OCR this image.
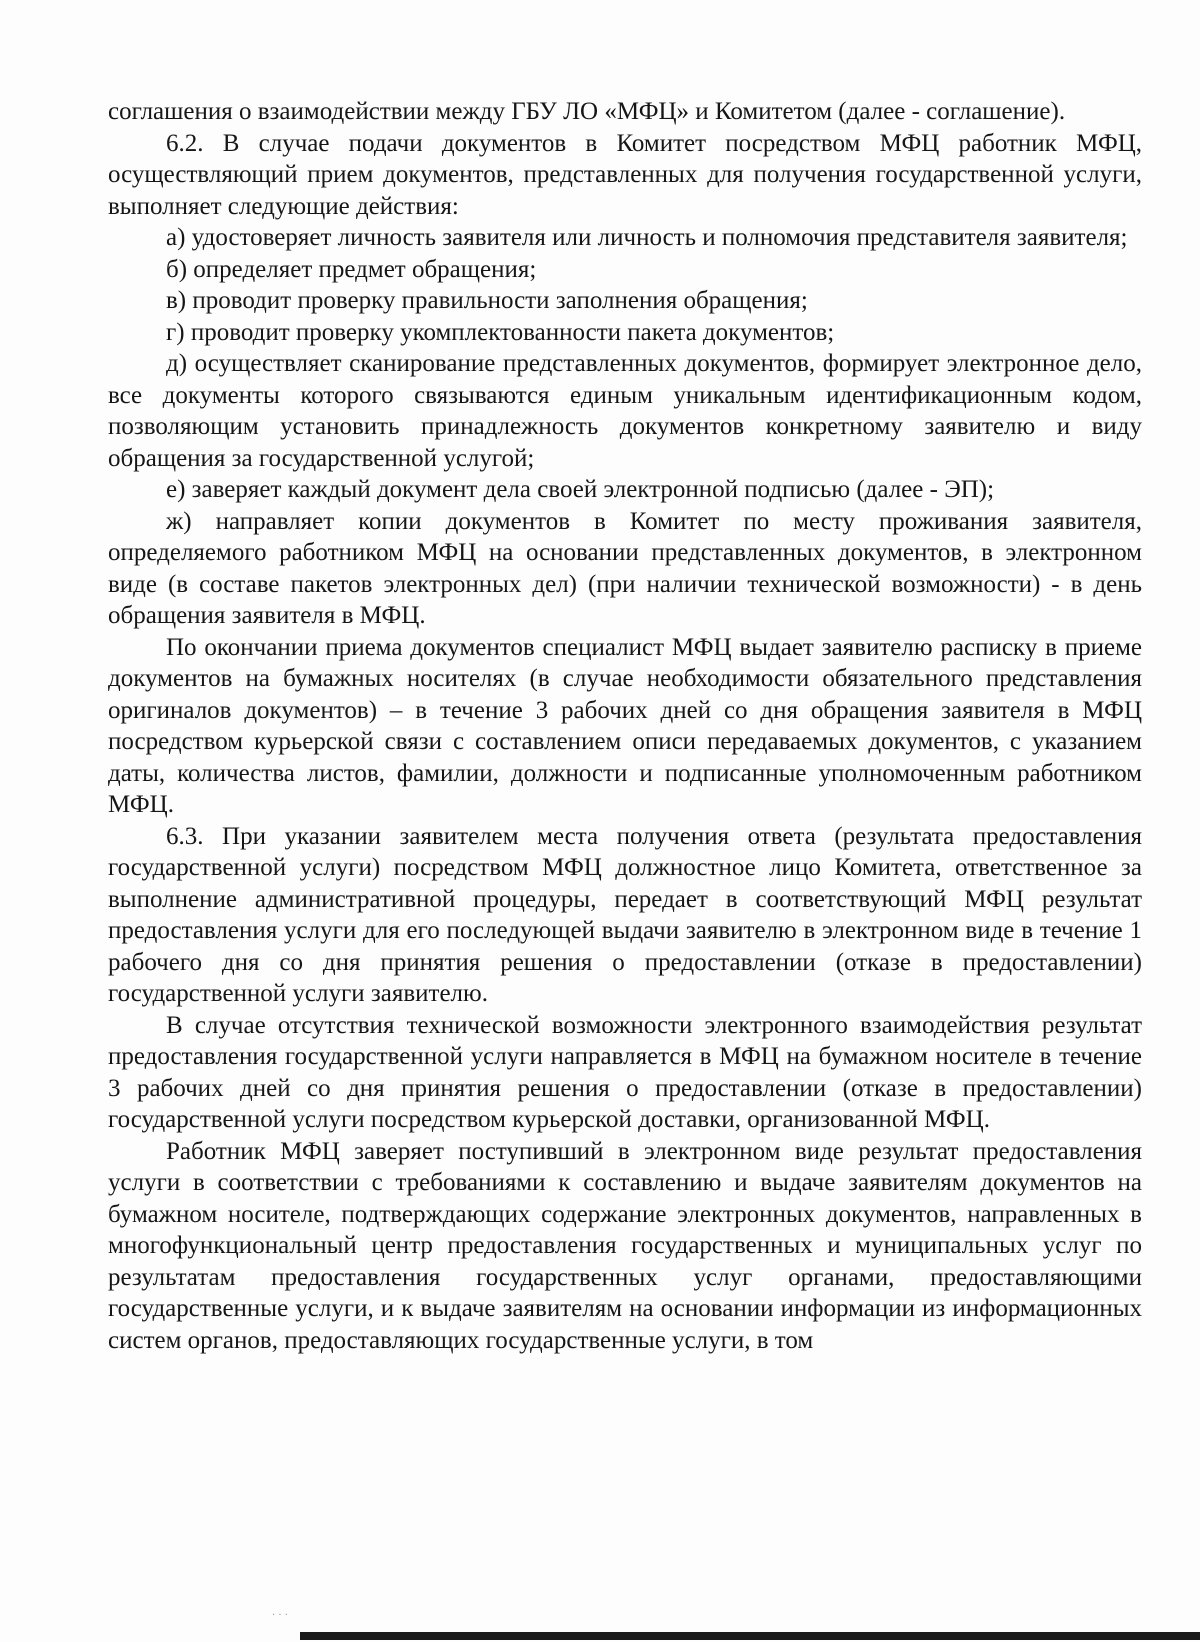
соглашения о взаимодействии между ГБУ ЛО «МФЦ» и Комитетом (далее - соглашение).

6.2. В случае подачи документов в Комитет посредством МФЦ работник МФЦ, осуществляющий прием документов, представленных для получения государственной услуги, выполняет следующие действия:

а) удостоверяет личность заявителя или личность и полномочия представителя заявителя;

б) определяет предмет обращения;

в) проводит проверку правильности заполнения обращения;

г) проводит проверку укомплектованности пакета документов;

д) осуществляет сканирование представленных документов, формирует электронное дело, все документы которого связываются единым уникальным идентификационным кодом, позволяющим установить принадлежность документов конкретному заявителю и виду обращения за государственной услугой;

е) заверяет каждый документ дела своей электронной подписью (далее - ЭП);

ж) направляет копии документов в Комитет по месту проживания заявителя, определяемого работником МФЦ на основании представленных документов, в электронном виде (в составе пакетов электронных дел) (при наличии технической возможности) - в день обращения заявителя в МФЦ.

По окончании приема документов специалист МФЦ выдает заявителю расписку в приеме документов на бумажных носителях (в случае необходимости обязательного представления оригиналов документов) – в течение 3 рабочих дней со дня обращения заявителя в МФЦ посредством курьерской связи с составлением описи передаваемых документов, с указанием даты, количества листов, фамилии, должности и подписанные уполномоченным работником МФЦ.

6.3. При указании заявителем места получения ответа (результата предоставления государственной услуги) посредством МФЦ должностное лицо Комитета, ответственное за выполнение административной процедуры, передает в соответствующий МФЦ результат предоставления услуги для его последующей выдачи заявителю в электронном виде в течение 1 рабочего дня со дня принятия решения о предоставлении (отказе в предоставлении) государственной услуги заявителю.

В случае отсутствия технической возможности электронного взаимодействия результат предоставления государственной услуги направляется в МФЦ на бумажном носителе в течение 3 рабочих дней со дня принятия решения о предоставлении (отказе в предоставлении) государственной услуги посредством курьерской доставки, организованной МФЦ.

Работник МФЦ заверяет поступивший в электронном виде результат предоставления услуги в соответствии с требованиями к составлению и выдаче заявителям документов на бумажном носителе, подтверждающих содержание электронных документов, направленных в многофункциональный центр предоставления государственных и муниципальных услуг по результатам предоставления государственных услуг органами, предоставляющими государственные услуги, и к выдаче заявителям на основании информации из информационных систем органов, предоставляющих государственные услуги, в том

· · ·
